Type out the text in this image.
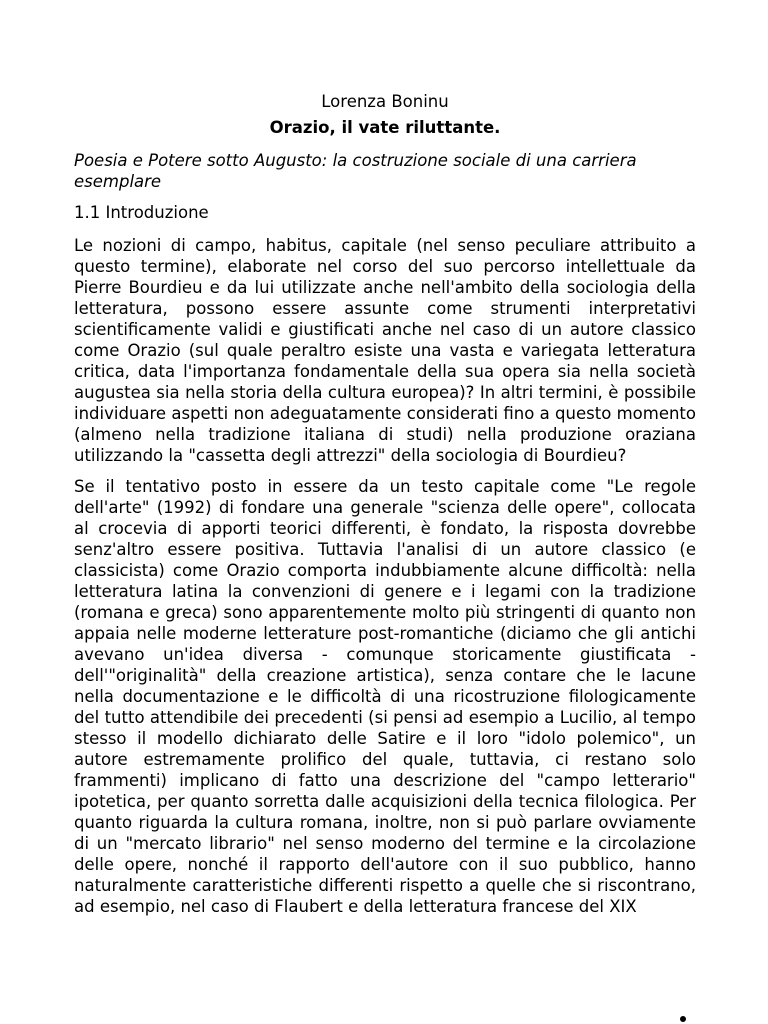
Lorenza Boninu
Orazio, il vate riluttante.
Poesia e Potere sotto Augusto: la costruzione sociale di una carriera esemplare
1.1 Introduzione

Le nozioni di campo, habitus, capitale (nel senso peculiare attribuito a questo termine), elaborate nel corso del suo percorso intellettuale da Pierre Bourdieu e da lui utilizzate anche nell'ambito della sociologia della letteratura, possono essere assunte come strumenti interpretativi scientificamente validi e giustificati anche nel caso di un autore classico come Orazio (sul quale peraltro esiste una vasta e variegata letteratura critica, data l'importanza fondamentale della sua opera sia nella società augustea sia nella storia della cultura europea)? In altri termini, è possibile individuare aspetti non adeguatamente considerati fino a questo momento (almeno nella tradizione italiana di studi) nella produzione oraziana utilizzando la "cassetta degli attrezzi" della sociologia di Bourdieu?

Se il tentativo posto in essere da un testo capitale come "Le regole dell'arte" (1992) di fondare una generale "scienza delle opere", collocata al crocevia di apporti teorici differenti, è fondato, la risposta dovrebbe senz'altro essere positiva. Tuttavia l'analisi di un autore classico (e classicista) come Orazio comporta indubbiamente alcune difficoltà: nella letteratura latina la convenzioni di genere e i legami con la tradizione (romana e greca) sono apparentemente molto più stringenti di quanto non appaia nelle moderne letterature post-romantiche (diciamo che gli antichi avevano un'idea diversa - comunque storicamente giustificata - dell'"originalità" della creazione artistica), senza contare che le lacune nella documentazione e le difficoltà di una ricostruzione filologicamente del tutto attendibile dei precedenti (si pensi ad esempio a Lucilio, al tempo stesso il modello dichiarato delle Satire e il loro "idolo polemico", un autore estremamente prolifico del quale, tuttavia, ci restano solo frammenti) implicano di fatto una descrizione del "campo letterario" ipotetica, per quanto sorretta dalle acquisizioni della tecnica filologica. Per quanto riguarda la cultura romana, inoltre, non si può parlare ovviamente di un "mercato librario" nel senso moderno del termine e la circolazione delle opere, nonché il rapporto dell'autore con il suo pubblico, hanno naturalmente caratteristiche differenti rispetto a quelle che si riscontrano, ad esempio, nel caso di Flaubert e della letteratura francese del XIX
